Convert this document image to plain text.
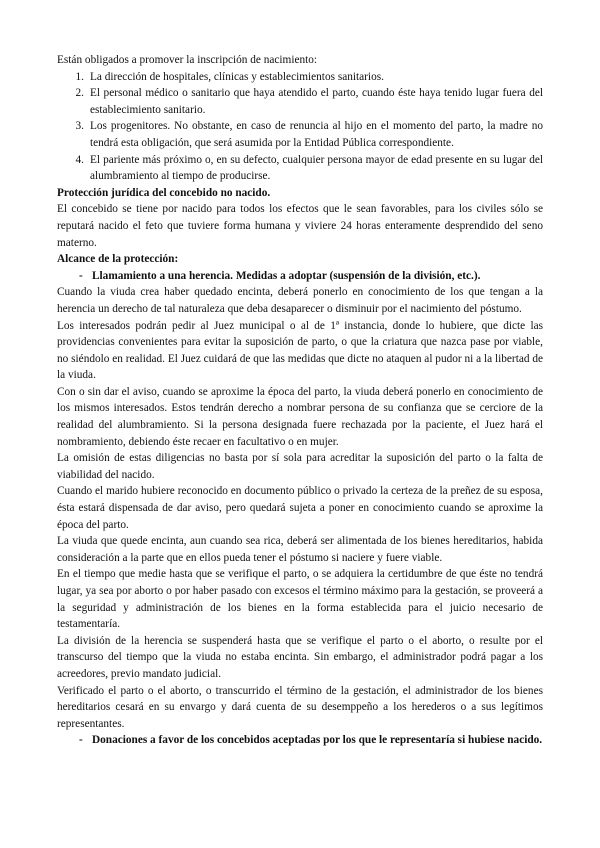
Están obligados a promover la inscripción de nacimiento:

1. La dirección de hospitales, clínicas y establecimientos sanitarios.
2. El personal médico o sanitario que haya atendido el parto, cuando éste haya tenido lugar fuera del establecimiento sanitario.
3. Los progenitores. No obstante, en caso de renuncia al hijo en el momento del parto, la madre no tendrá esta obligación, que será asumida por la Entidad Pública correspondiente.
4. El pariente más próximo o, en su defecto, cualquier persona mayor de edad presente en su lugar del alumbramiento al tiempo de producirse.

Protección jurídica del concebido no nacido.

El concebido se tiene por nacido para todos los efectos que le sean favorables, para los civiles sólo se reputará nacido el feto que tuviere forma humana y viviere 24 horas enteramente desprendido del seno materno.

Alcance de la protección:

- Llamamiento a una herencia. Medidas a adoptar (suspensión de la división, etc.).

Cuando la viuda crea haber quedado encinta, deberá ponerlo en conocimiento de los que tengan a la herencia un derecho de tal naturaleza que deba desaparecer o disminuir por el nacimiento del póstumo.

Los interesados podrán pedir al Juez municipal o al de 1ª instancia, donde lo hubiere, que dicte las providencias convenientes para evitar la suposición de parto, o que la criatura que nazca pase por viable, no siéndolo en realidad. El Juez cuidará de que las medidas que dicte no ataquen al pudor ni a la libertad de la viuda.

Con o sin dar el aviso, cuando se aproxime la época del parto, la viuda deberá ponerlo en conocimiento de los mismos interesados. Estos tendrán derecho a nombrar persona de su confianza que se cerciore de la realidad del alumbramiento. Si la persona designada fuere rechazada por la paciente, el Juez hará el nombramiento, debiendo éste recaer en facultativo o en mujer.

La omisión de estas diligencias no basta por sí sola para acreditar la suposición del parto o la falta de viabilidad del nacido.

Cuando el marido hubiere reconocido en documento público o privado la certeza de la preñez de su esposa, ésta estará dispensada de dar aviso, pero quedará sujeta a poner en conocimiento cuando se aproxime la época del parto.

La viuda que quede encinta, aun cuando sea rica, deberá ser alimentada de los bienes hereditarios, habida consideración a la parte que en ellos pueda tener el póstumo si naciere y fuere viable.

En el tiempo que medie hasta que se verifique el parto, o se adquiera la certidumbre de que éste no tendrá lugar, ya sea por aborto o por haber pasado con excesos el término máximo para la gestación, se proveerá a la seguridad y administración de los bienes en la forma establecida para el juicio necesario de testamentaría.

La división de la herencia se suspenderá hasta que se verifique el parto o el aborto, o resulte por el transcurso del tiempo que la viuda no estaba encinta. Sin embargo, el administrador podrá pagar a los acreedores, previo mandato judicial.

Verificado el parto o el aborto, o transcurrido el término de la gestación, el administrador de los bienes hereditarios cesará en su envargo y dará cuenta de su desemppeño a los herederos o a sus legítimos representantes.

- Donaciones a favor de los concebidos aceptadas por los que le representaría si hubiese nacido.
